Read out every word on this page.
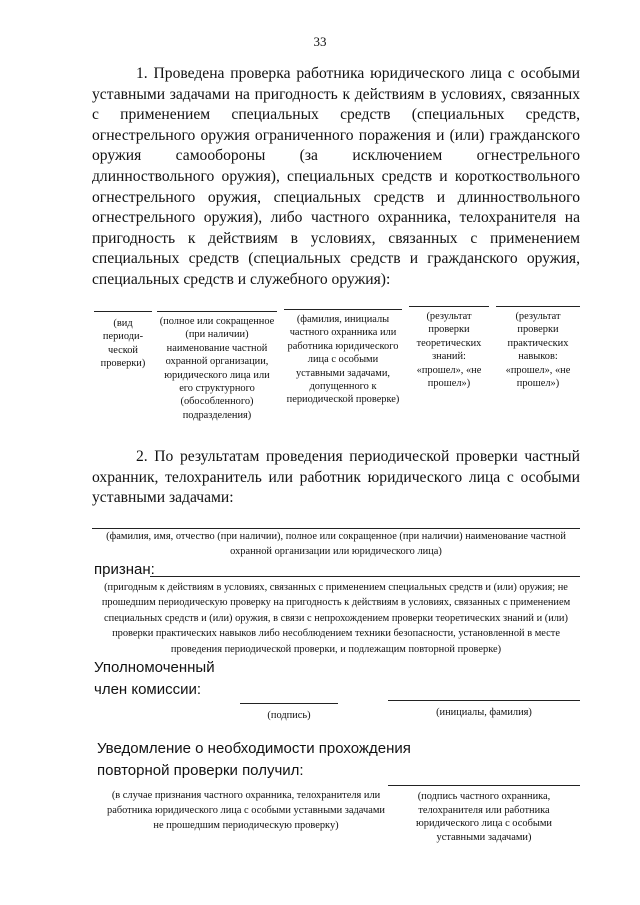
33
1. Проведена проверка работника юридического лица с особыми уставными задачами на пригодность к действиям в условиях, связанных с применением специальных средств (специальных средств, огнестрельного оружия ограниченного поражения и (или) гражданского оружия самообороны (за исключением огнестрельного длинноствольного оружия), специальных средств и короткоствольного огнестрельного оружия, специальных средств и длинноствольного огнестрельного оружия), либо частного охранника, телохранителя на пригодность к действиям в условиях, связанных с применением специальных средств (специальных средств и гражданского оружия, специальных средств и служебного оружия):
(вид периоди- ческой проверки)
(полное или сокращенное (при наличии) наименование частной охранной организации, юридического лица или его структурного (обособленного) подразделения)
(фамилия, инициалы частного охранника или работника юридического лица с особыми уставными задачами, допущенного к периодической проверке)
(результат проверки теоретических знаний: «прошел», «не прошел»)
(результат проверки практических навыков: «прошел», «не прошел»)
2. По результатам проведения периодической проверки частный охранник, телохранитель или работник юридического лица с особыми уставными задачами:
(фамилия, имя, отчество (при наличии), полное или сокращенное (при наличии) наименование частной охранной организации или юридического лица)
признан:
(пригодным к действиям в условиях, связанных с применением специальных средств и (или) оружия; не прошедшим периодическую проверку на пригодность к действиям в условиях, связанных с применением специальных средств и (или) оружия, в связи с непрохождением проверки теоретических знаний и (или) проверки практических навыков либо несоблюдением техники безопасности, установленной в месте проведения периодической проверки, и подлежащим повторной проверке)
Уполномоченный
член комиссии:
(подпись)	(инициалы, фамилия)
Уведомление о необходимости прохождения
повторной проверки получил:
(в случае признания частного охранника, телохранителя или работника юридического лица с особыми уставными задачами не прошедшим периодическую проверку)
(подпись частного охранника, телохранителя или работника юридического лица с особыми уставными задачами)
